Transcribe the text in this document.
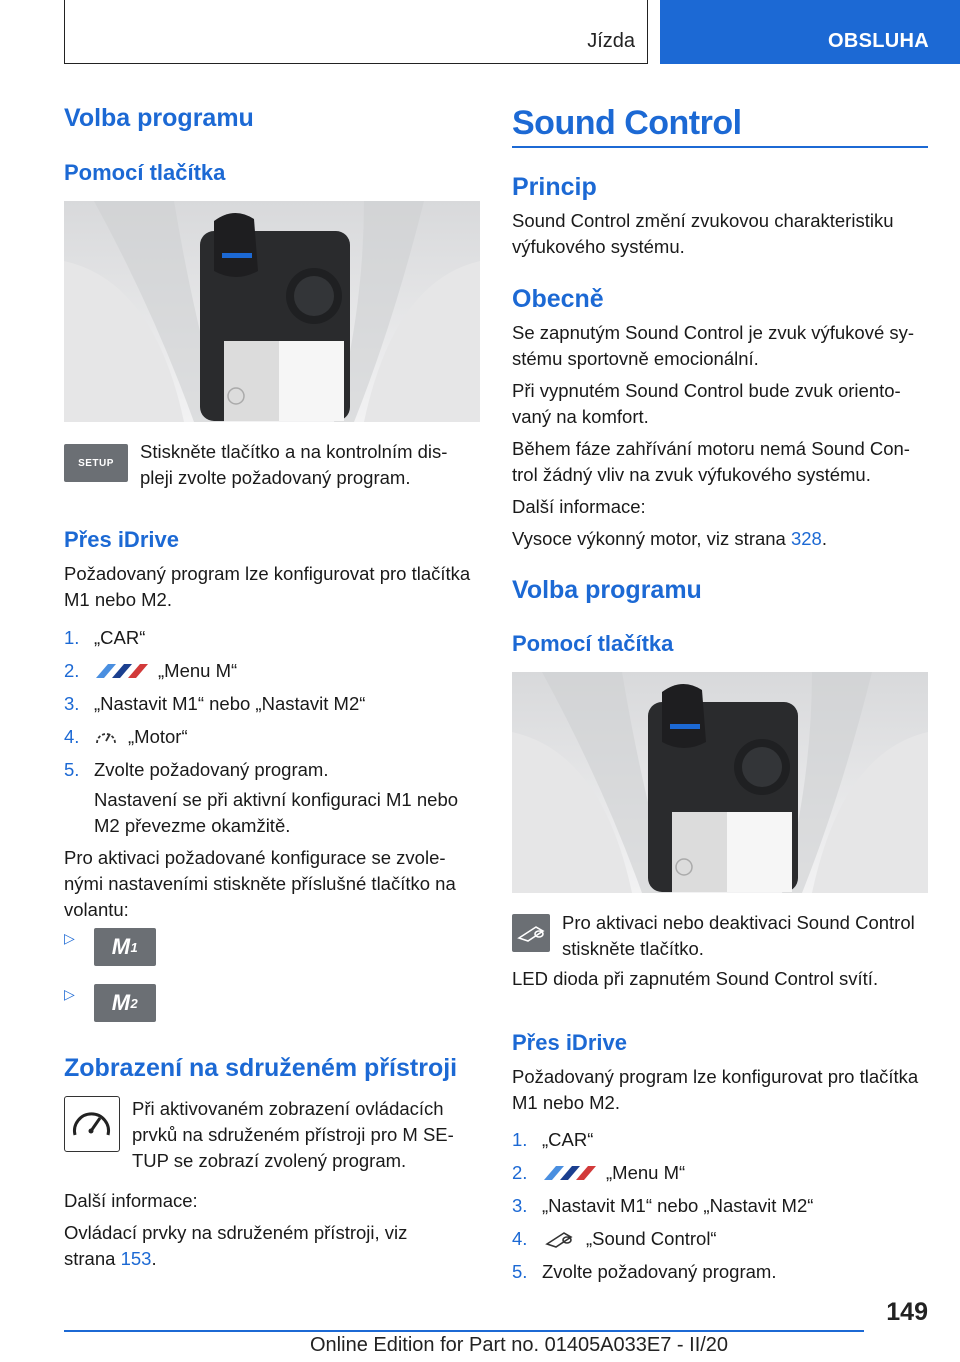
Jízda	OBSLUHA
Volba programu
Pomocí tlačítka
SETUP

Stiskněte tlačítko a na kontrolním dis-

pleji zvolte požadovaný program.

Přes iDrive

Požadovaný program lze konfigurovat pro tlačítka

M1 nebo M2.

1. „CAR“
2.	„Menu M“
3. „Nastavit M1“ nebo „Nastavit M2“
4.	„Motor“
5. Zvolte požadovaný program.

Nastavení se při aktivní konfiguraci M1 nebo

M2 převezme okamžitě.

Pro aktivaci požadované konfigurace se zvole-

nými nastaveními stiskněte příslušné tlačítko na

volantu:

▷ M 1
▷ M 2
Zobrazení na sdruženém přístroji

Při aktivovaném zobrazení ovládacích

prvků na sdruženém přístroji pro M SE-

TUP se zobrazí zvolený program.

Další informace:

Ovládací prvky na sdruženém přístroji, viz

strana 153.

Sound Control
Princip

Sound Control změní zvukovou charakteristiku

výfukového systému.

Obecně

Se zapnutým Sound Control je zvuk výfukové sy-

stému sportovně emocionální.

Při vypnutém Sound Control bude zvuk oriento-

vaný na komfort.

Během fáze zahřívání motoru nemá Sound Con-

trol žádný vliv na zvuk výfukového systému.

Další informace:

Vysoce výkonný motor, viz strana 328.

Volba programu
Pomocí tlačítka

Pro aktivaci nebo deaktivaci Sound Control

stiskněte tlačítko.

LED dioda při zapnutém Sound Control svítí.

Přes iDrive

Požadovaný program lze konfigurovat pro tlačítka

M1 nebo M2.

1. „CAR“
2.	„Menu M“
3. „Nastavit M1“ nebo „Nastavit M2“
4.	„Sound Control“
5. Zvolte požadovaný program.
149
Online Edition for Part no. 01405A033E7 - II/20
